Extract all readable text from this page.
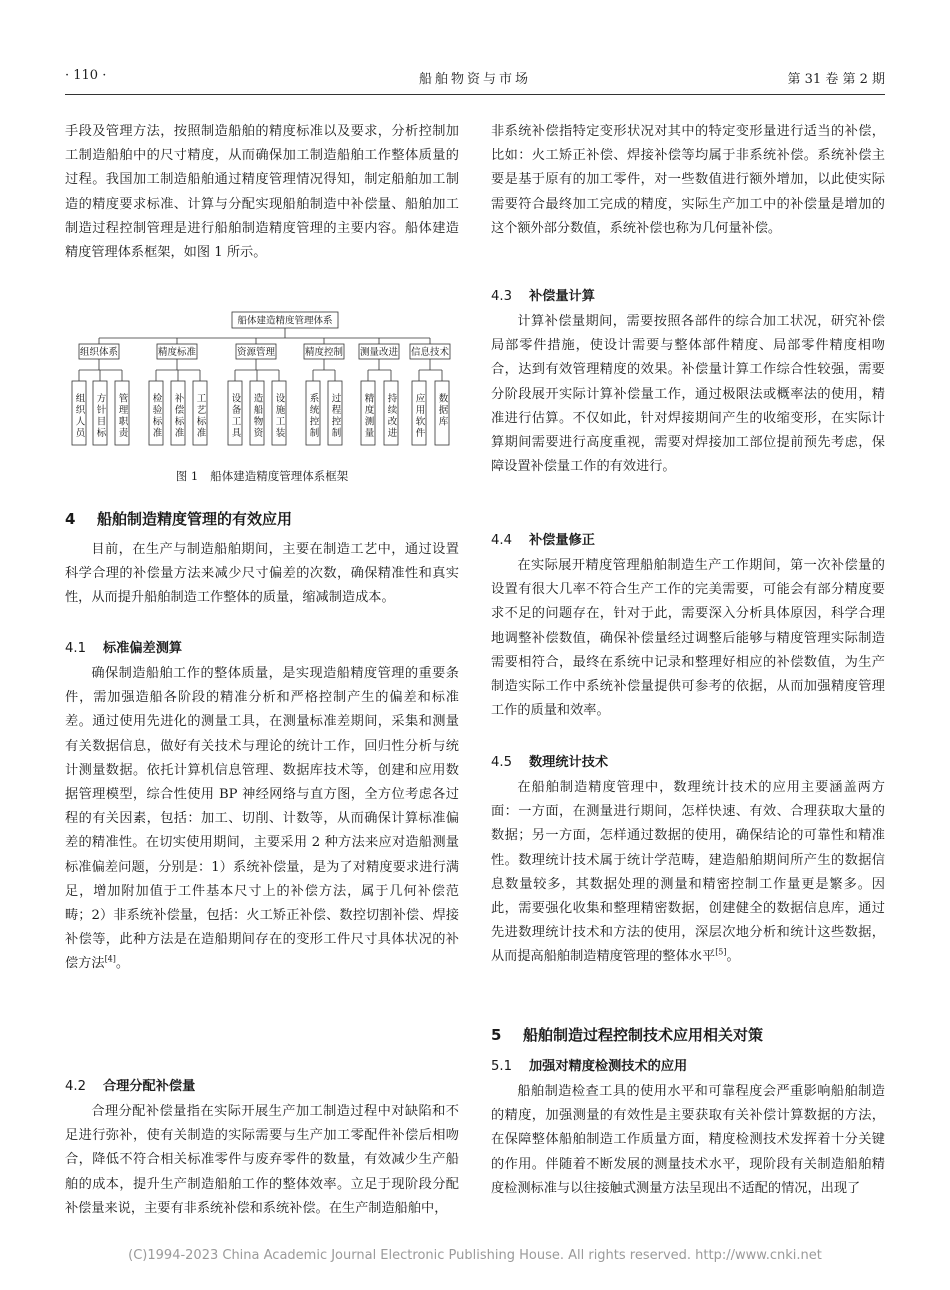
· 110 ·	船舶物资与市场	第 31 卷 第 2 期

手段及管理方法，按照制造船舶的精度标准以及要求，分析控制加工制造船舶中的尺寸精度，从而确保加工制造船舶工作整体质量的过程。我国加工制造船舶通过精度管理情况得知，制定船舶加工制造的精度要求标准、计算与分配实现船舶制造中补偿量、船舶加工制造过程控制管理是进行船舶制造精度管理的主要内容。船体建造精度管理体系框架，如图 1 所示。

船体建造精度管理体系
组织体系	精度标准	资源管理	精度控制 测量改进 信息技术
组织人员 方针目标 管理职责 检验标准 补偿标准 工艺标准	设备工具 造船物资 设施工装 系统控制 过程控制 精度测量 持续改进 应用软件 数据库
图 1 船体建造精度管理体系框架
4 船舶制造精度管理的有效应用

目前，在生产与制造船舶期间，主要在制造工艺中，通过设置科学合理的补偿量方法来减少尺寸偏差的次数，确保精准性和真实性，从而提升船舶制造工作整体的质量，缩减制造成本。

4.1 标准偏差测算

确保制造船舶工作的整体质量，是实现造船精度管理的重要条件，需加强造船各阶段的精准分析和严格控制产生的偏差和标准差。通过使用先进化的测量工具，在测量标准差期间，采集和测量有关数据信息，做好有关技术与理论的统计工作，回归性分析与统计测量数据。依托计算机信息管理、数据库技术等，创建和应用数据管理模型，综合性使用 BP 神经网络与直方图，全方位考虑各过程的有关因素，包括：加工、切削、计数等，从而确保计算标准偏差的精准性。在切实使用期间，主要采用 2 种方法来应对造船测量标准偏差问题，分别是：1）系统补偿量，是为了对精度要求进行满足，增加附加值于工件基本尺寸上的补偿方法，属于几何补偿范畴；2）非系统补偿量，包括：火工矫正补偿、数控切割补偿、焊接补偿等，此种方法是在造船期间存在的变形工件尺寸具体状况的补偿方法[4]。

4.2 合理分配补偿量

合理分配补偿量指在实际开展生产加工制造过程中对缺陷和不足进行弥补，使有关制造的实际需要与生产加工零配件补偿后相吻合，降低不符合相关标准零件与废弃零件的数量，有效减少生产船舶的成本，提升生产制造船舶工作的整体效率。立足于现阶段分配补偿量来说，主要有非系统补偿和系统补偿。在生产制造船舶中，

非系统补偿指特定变形状况对其中的特定变形量进行适当的补偿，比如：火工矫正补偿、焊接补偿等均属于非系统补偿。系统补偿主要是基于原有的加工零件，对一些数值进行额外增加，以此使实际需要符合最终加工完成的精度，实际生产加工中的补偿量是增加的这个额外部分数值，系统补偿也称为几何量补偿。

4.3 补偿量计算

计算补偿量期间，需要按照各部件的综合加工状况，研究补偿局部零件措施，使设计需要与整体部件精度、局部零件精度相吻合，达到有效管理精度的效果。补偿量计算工作综合性较强，需要分阶段展开实际计算补偿量工作，通过极限法或概率法的使用，精准进行估算。不仅如此，针对焊接期间产生的收缩变形，在实际计算期间需要进行高度重视，需要对焊接加工部位提前预先考虑，保障设置补偿量工作的有效进行。

4.4 补偿量修正

在实际展开精度管理船舶制造生产工作期间，第一次补偿量的设置有很大几率不符合生产工作的完美需要，可能会有部分精度要求不足的问题存在，针对于此，需要深入分析具体原因，科学合理地调整补偿数值，确保补偿量经过调整后能够与精度管理实际制造需要相符合，最终在系统中记录和整理好相应的补偿数值，为生产制造实际工作中系统补偿量提供可参考的依据，从而加强精度管理工作的质量和效率。

4.5 数理统计技术

在船舶制造精度管理中，数理统计技术的应用主要涵盖两方面：一方面，在测量进行期间，怎样快速、有效、合理获取大量的数据；另一方面，怎样通过数据的使用，确保结论的可靠性和精准性。数理统计技术属于统计学范畴，建造船舶期间所产生的数据信息数量较多，其数据处理的测量和精密控制工作量更是繁多。因此，需要强化收集和整理精密数据，创建健全的数据信息库，通过先进数理统计技术和方法的使用，深层次地分析和统计这些数据，从而提高船舶制造精度管理的整体水平[5]。

5 船舶制造过程控制技术应用相关对策
5.1 加强对精度检测技术的应用

船舶制造检查工具的使用水平和可靠程度会严重影响船舶制造的精度，加强测量的有效性是主要获取有关补偿计算数据的方法，在保障整体船舶制造工作质量方面，精度检测技术发挥着十分关键的作用。伴随着不断发展的测量技术水平，现阶段有关制造船舶精度检测标准与以往接触式测量方法呈现出不适配的情况，出现了

(C)1994-2023 China Academic Journal Electronic Publishing House. All rights reserved. http://www.cnki.net
